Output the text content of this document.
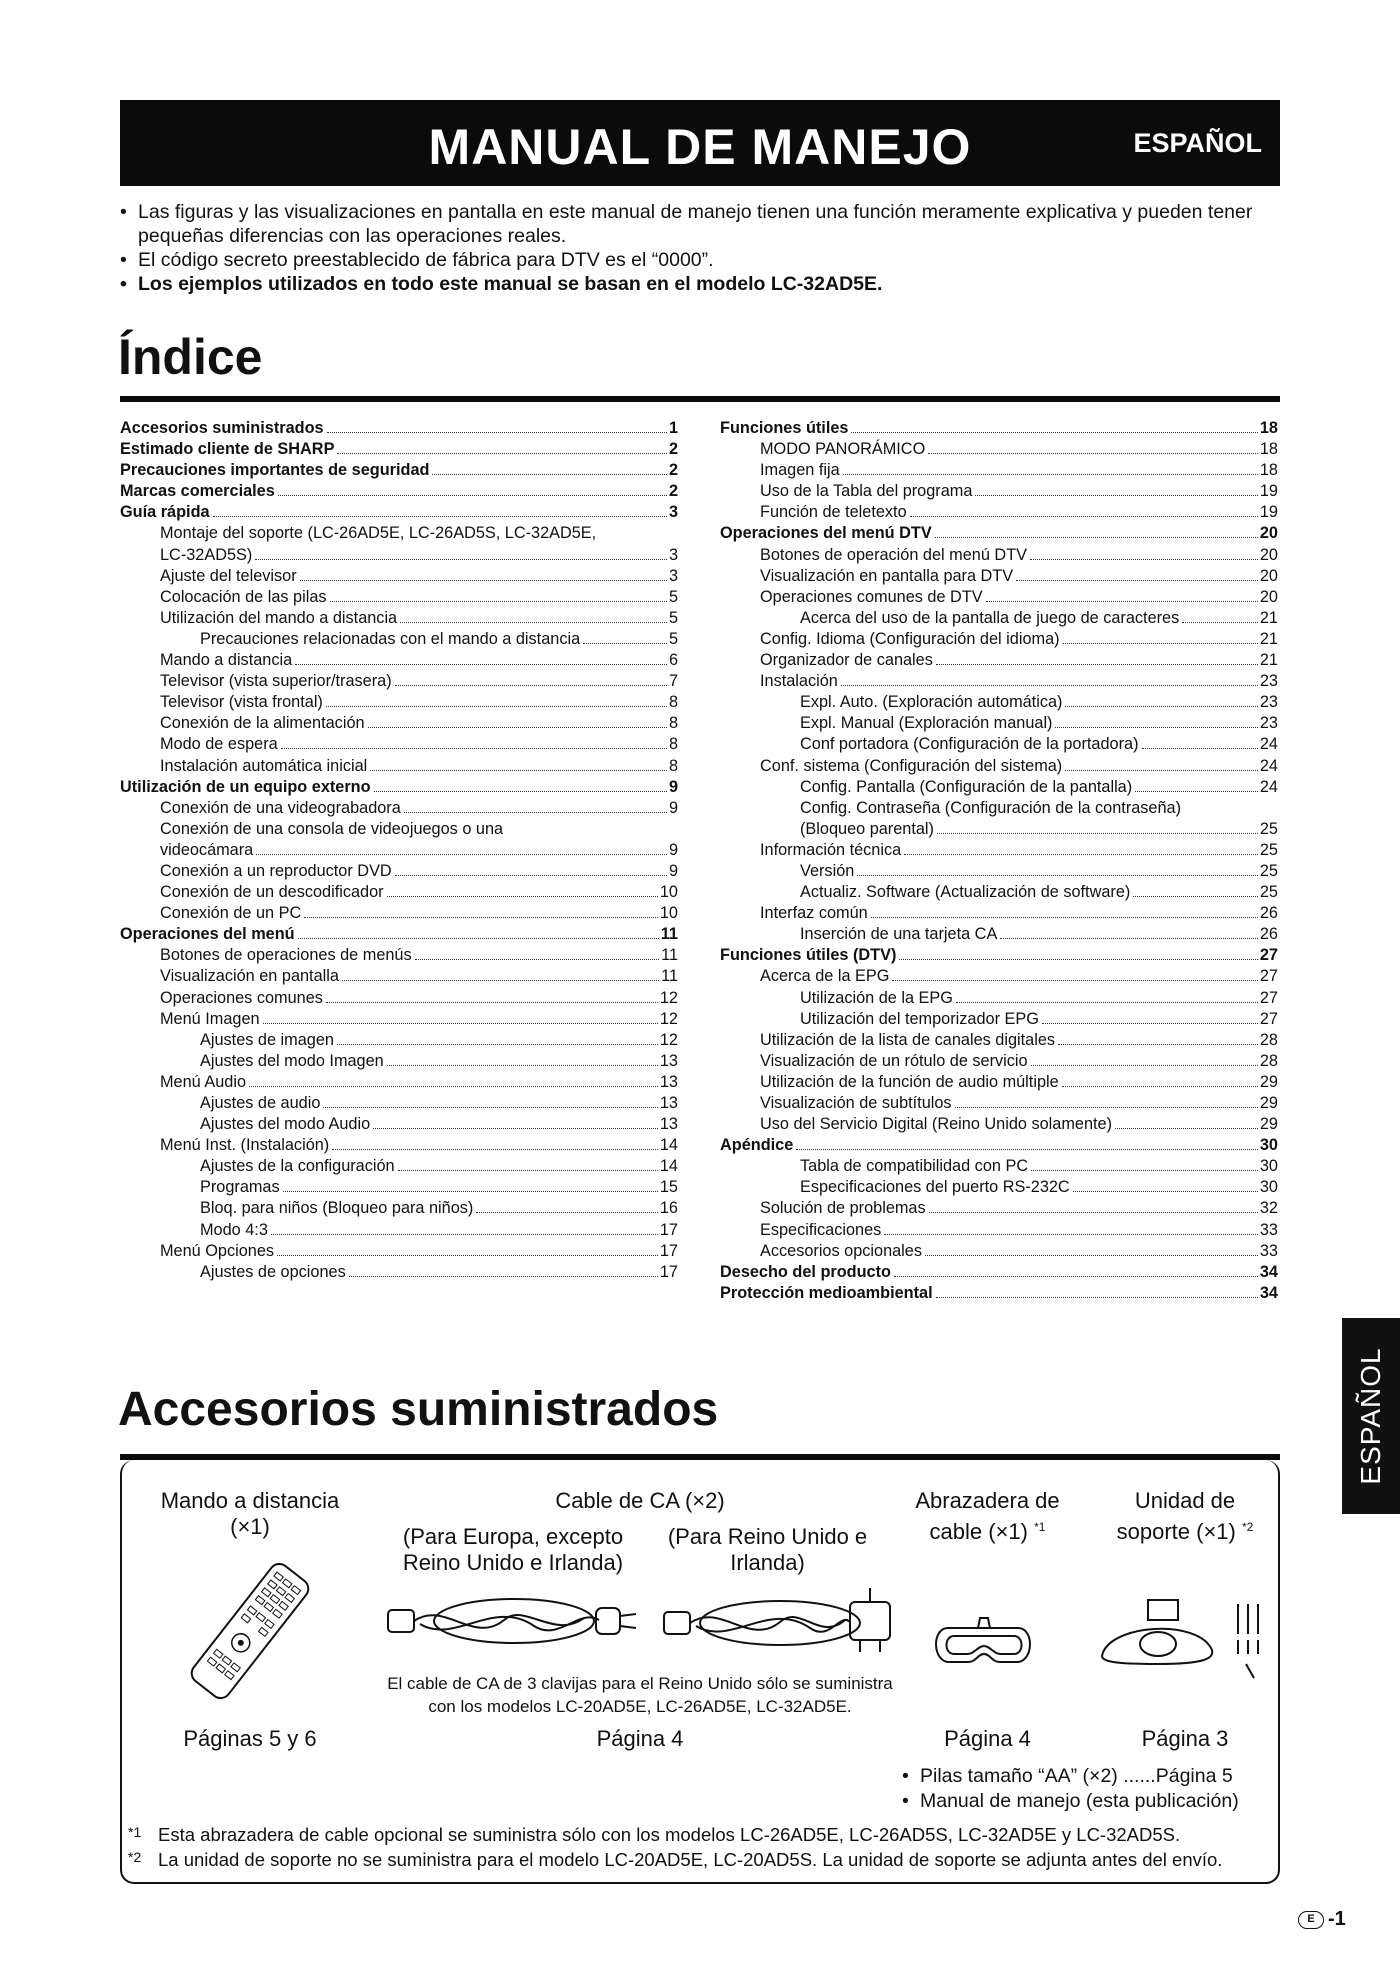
MANUAL DE MANEJO	ESPAÑOL
• Las figuras y las visualizaciones en pantalla en este manual de manejo tienen una función meramente explicativa y pueden tener pequeñas diferencias con las operaciones reales.
• El código secreto preestablecido de fábrica para DTV es el “0000”.
• Los ejemplos utilizados en todo este manual se basan en el modelo LC-32AD5E.
Índice
Accesorios suministrados	1
Estimado cliente de SHARP	2
Precauciones importantes de seguridad	2
Marcas comerciales	2
Guía rápida	3
Montaje del soporte (LC-26AD5E, LC-26AD5S, LC-32AD5E,
LC-32AD5S)	3
Ajuste del televisor	3
Colocación de las pilas	5
Utilización del mando a distancia	5
Precauciones relacionadas con el mando a distancia	5
Mando a distancia	6
Televisor (vista superior/trasera)	7
Televisor (vista frontal)	8
Conexión de la alimentación	8
Modo de espera	8
Instalación automática inicial	8
Utilización de un equipo externo	9
Conexión de una videograbadora	9
Conexión de una consola de videojuegos o una
videocámara	9
Conexión a un reproductor DVD	9
Conexión de un descodificador	10
Conexión de un PC	10
Operaciones del menú	11
Botones de operaciones de menús	11
Visualización en pantalla	11
Operaciones comunes	12
Menú Imagen	12
Ajustes de imagen	12
Ajustes del modo Imagen	13
Menú Audio	13
Ajustes de audio	13
Ajustes del modo Audio	13
Menú Inst. (Instalación)	14
Ajustes de la configuración	14
Programas	15
Bloq. para niños (Bloqueo para niños)	16
Modo 4:3	17
Menú Opciones	17
Ajustes de opciones	17
Funciones útiles	18
MODO PANORÁMICO	18
Imagen fija	18
Uso de la Tabla del programa	19
Función de teletexto	19
Operaciones del menú DTV	20
Botones de operación del menú DTV	20
Visualización en pantalla para DTV	20
Operaciones comunes de DTV	20
Acerca del uso de la pantalla de juego de caracteres	21
Config. Idioma (Configuración del idioma)	21
Organizador de canales	21
Instalación	23
Expl. Auto. (Exploración automática)	23
Expl. Manual (Exploración manual)	23
Conf portadora (Configuración de la portadora)	24
Conf. sistema (Configuración del sistema)	24
Config. Pantalla (Configuración de la pantalla)	24
Config. Contraseña (Configuración de la contraseña)
(Bloqueo parental)	25
Información técnica	25
Versión	25
Actualiz. Software (Actualización de software)	25
Interfaz común	26
Inserción de una tarjeta CA	26
Funciones útiles (DTV)	27
Acerca de la EPG	27
Utilización de la EPG	27
Utilización del temporizador EPG	27
Utilización de la lista de canales digitales	28
Visualización de un rótulo de servicio	28
Utilización de la función de audio múltiple	29
Visualización de subtítulos	29
Uso del Servicio Digital (Reino Unido solamente)	29
Apéndice	30
Tabla de compatibilidad con PC	30
Especificaciones del puerto RS-232C	30
Solución de problemas	32
Especificaciones	33
Accesorios opcionales	33
Desecho del producto	34
Protección medioambiental	34
ESPAÑOL
Accesorios suministrados
Mando a distancia
(×1)
Páginas 5 y 6
Cable de CA (×2)
(Para Europa, excepto Reino Unido e Irlanda)
(Para Reino Unido e Irlanda)
El cable de CA de 3 clavijas para el Reino Unido sólo se suministra con los modelos LC-20AD5E, LC-26AD5E, LC-32AD5E.
Página 4
Abrazadera de cable (×1) $^{*1}$
Página 4
Unidad de
soporte (×1) $^{*2}$
Página 3
• Pilas tamaño “AA” (×2) ......Página 5
• Manual de manejo (esta publicación)
*1 Esta abrazadera de cable opcional se suministra sólo con los modelos LC-26AD5E, LC-26AD5S, LC-32AD5E y LC-32AD5S.
*2 La unidad de soporte no se suministra para el modelo LC-20AD5E, LC-20AD5S. La unidad de soporte se adjunta antes del envío.
E -1
